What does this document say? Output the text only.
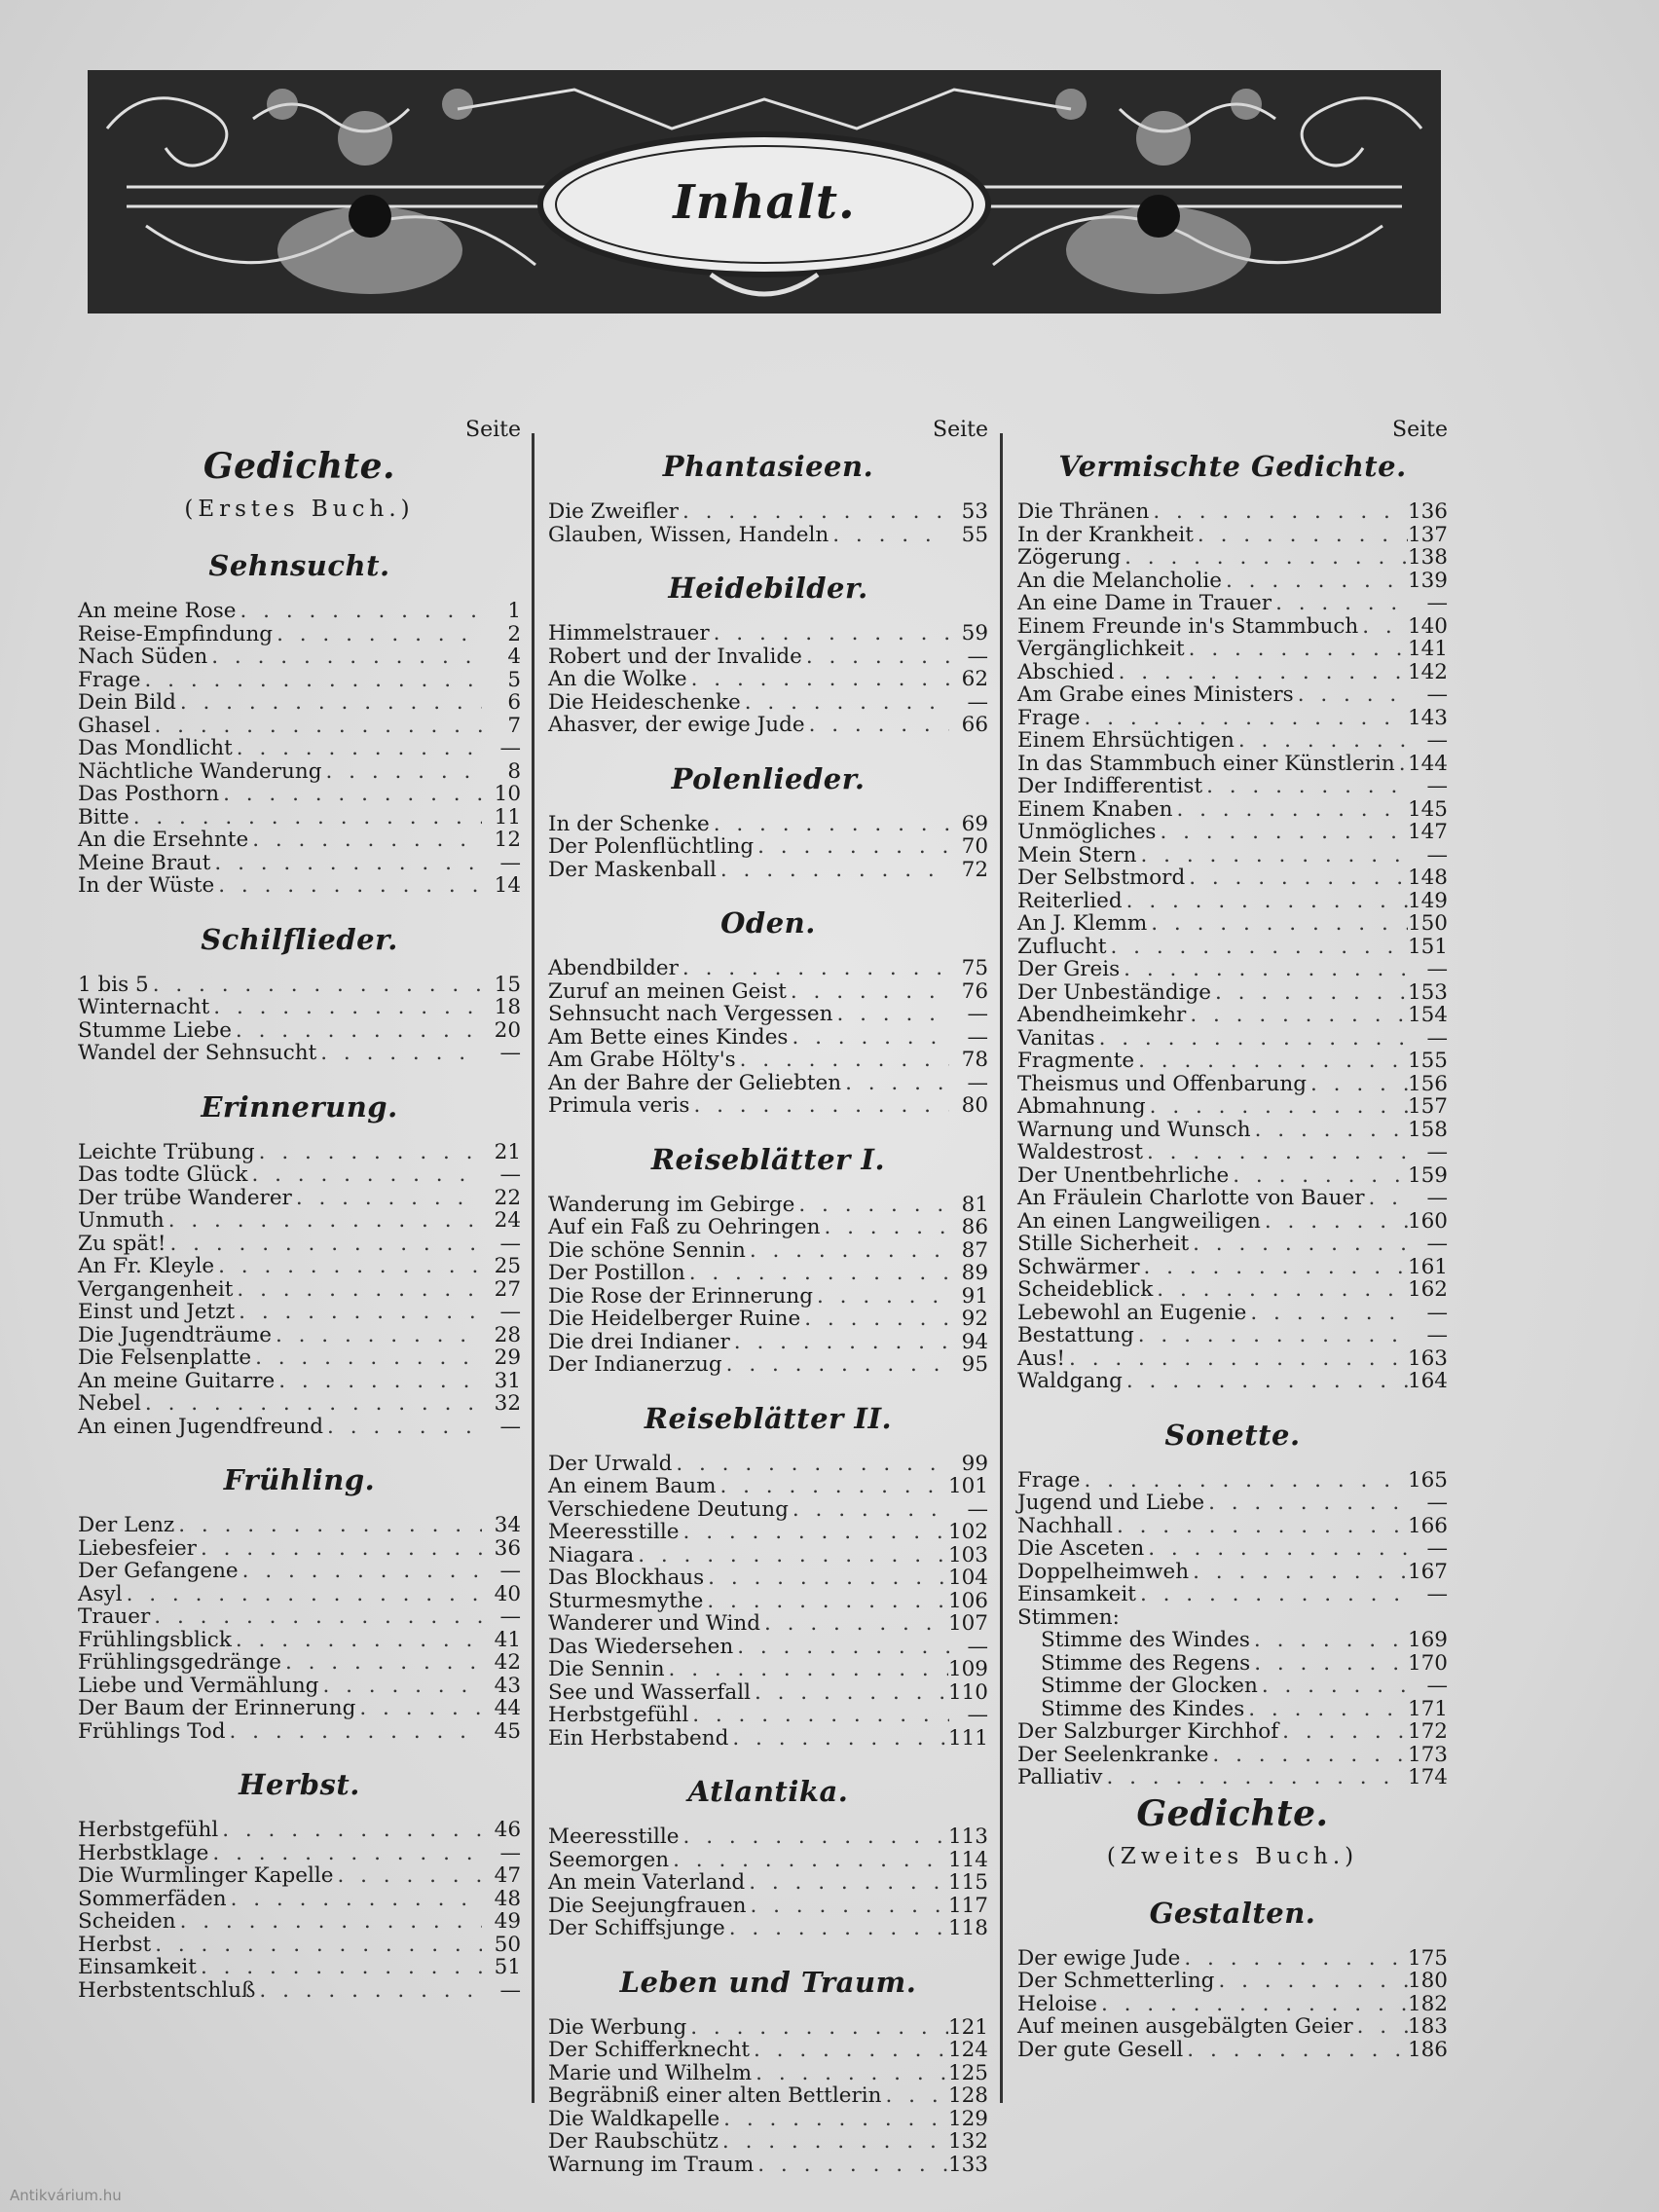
Inhalt.
Seite
Gedichte.
(Erstes Buch.)
Sehnsucht.
An meine Rose . . .	1
Reise-Empfindung . . .	2
Nach Süden . . .	4
Frage . . .	5
Dein Bild . . .	6
Ghasel . . .	7
Das Mondlicht . . .	—
Nächtliche Wanderung . . .	8
Das Posthorn . . .	10
Bitte . . .	11
An die Ersehnte . . .	12
Meine Braut . . .	—
In der Wüste . . .	14
Schilflieder.
1 bis 5 . . .	15
Winternacht . . .	18
Stumme Liebe . . .	20
Wandel der Sehnsucht . . .	—
Erinnerung.
Leichte Trübung . . .	21
Das todte Glück . . .	—
Der trübe Wanderer . . .	22
Unmuth . . .	24
Zu spät! . . .	—
An Fr. Kleyle . . .	25
Vergangenheit . . .	27
Einst und Jetzt . . .	—
Die Jugendträume . . .	28
Die Felsenplatte . . .	29
An meine Guitarre . . .	31
Nebel . . .	32
An einen Jugendfreund . . .	—
Frühling.
Der Lenz . . .	34
Liebesfeier . . .	36
Der Gefangene . . .	—
Asyl . . .	40
Trauer . . .	—
Frühlingsblick . . .	41
Frühlingsgedränge . . .	42
Liebe und Vermählung . . .	43
Der Baum der Erinnerung . . .	44
Frühlings Tod . . .	45
Herbst.
Herbstgefühl . . .	46
Herbstklage . . .	—
Die Wurmlinger Kapelle . . .	47
Sommerfäden . . .	48
Scheiden . . .	49
Herbst . . .	50
Einsamkeit . . .	51
Herbstentschluß . . .	—
Seite
Phantasieen.
Die Zweifler . . .	53
Glauben, Wissen, Handeln . . .	55
Heidebilder.
Himmelstrauer . . .	59
Robert und der Invalide . . .	—
An die Wolke . . .	62
Die Heideschenke . . .	—
Ahasver, der ewige Jude . . .	66
Polenlieder.
In der Schenke . . .	69
Der Polenflüchtling . . .	70
Der Maskenball . . .	72
Oden.
Abendbilder . . .	75
Zuruf an meinen Geist . . .	76
Sehnsucht nach Vergessen . . .	—
Am Bette eines Kindes . . .	—
Am Grabe Hölty's . . .	78
An der Bahre der Geliebten . . .	—
Primula veris . . .	80
Reiseblätter I.
Wanderung im Gebirge . . .	81
Auf ein Faß zu Oehringen . . .	86
Die schöne Sennin . . .	87
Der Postillon . . .	89
Die Rose der Erinnerung . . .	91
Die Heidelberger Ruine . . .	92
Die drei Indianer . . .	94
Der Indianerzug . . .	95
Reiseblätter II.
Der Urwald . . .	99
An einem Baum . . .	101
Verschiedene Deutung . . .	—
Meeresstille . . .	102
Niagara . . .	103
Das Blockhaus . . .	104
Sturmesmythe . . .	106
Wanderer und Wind . . .	107
Das Wiedersehen . . .	—
Die Sennin . . .	109
See und Wasserfall . . .	110
Herbstgefühl . . .	—
Ein Herbstabend . . .	111
Atlantika.
Meeresstille . . .	113
Seemorgen . . .	114
An mein Vaterland . . .	115
Die Seejungfrauen . . .	117
Der Schiffsjunge . . .	118
Leben und Traum.
Die Werbung . . .	121
Der Schifferknecht . . .	124
Marie und Wilhelm . . .	125
Begräbniß einer alten Bettlerin . . .	128
Die Waldkapelle . . .	129
Der Raubschütz . . .	132
Warnung im Traum . . .	133
Seite
Vermischte Gedichte.
Die Thränen . . .	136
In der Krankheit . . .	137
Zögerung . . .	138
An die Melancholie . . .	139
An eine Dame in Trauer . . .	—
Einem Freunde in's Stammbuch . . . 140
Vergänglichkeit . . .	141
Abschied . . .	142
Am Grabe eines Ministers . . .	—
Frage . . .	143
Einem Ehrsüchtigen . . .	—
In das Stammbuch einer Künstlerin . . . 144
Der Indifferentist . . .	—
Einem Knaben . . .	145
Unmögliches . . .	147
Mein Stern . . .	—
Der Selbstmord . . .	148
Reiterlied . . .	149
An J. Klemm . . .	150
Zuflucht . . .	151
Der Greis . . .	—
Der Unbeständige . . .	153
Abendheimkehr . . .	154
Vanitas . . .	—
Fragmente . . .	155
Theismus und Offenbarung . . .	156
Abmahnung . . .	157
Warnung und Wunsch . . .	158
Waldestrost . . .	—
Der Unentbehrliche . . .	159
An Fräulein Charlotte von Bauer . . .	—
An einen Langweiligen . . .	160
Stille Sicherheit . . .	—
Schwärmer . . .	161
Scheideblick . . .	162
Lebewohl an Eugenie . . .	—
Bestattung . . .	—
Aus! . . .	163
Waldgang . . .	164
Sonette.
Frage . . .	165
Jugend und Liebe . . .	—
Nachhall . . .	166
Die Asceten . . .	—
Doppelheimweh . . .	167
Einsamkeit . . .	—
Stimmen:
Stimme des Windes . . .	169
Stimme des Regens . . .	170
Stimme der Glocken . . .	—
Stimme des Kindes . . .	171
Der Salzburger Kirchhof . . .	172
Der Seelenkranke . . .	173
Palliativ . . .	174
Gedichte.
(Zweites Buch.)
Gestalten.
Der ewige Jude . . .	175
Der Schmetterling . . .	180
Heloise . . .	182
Auf meinen ausgebälgten Geier . . .	183
Der gute Gesell . . .	186
Antikvárium.hu
